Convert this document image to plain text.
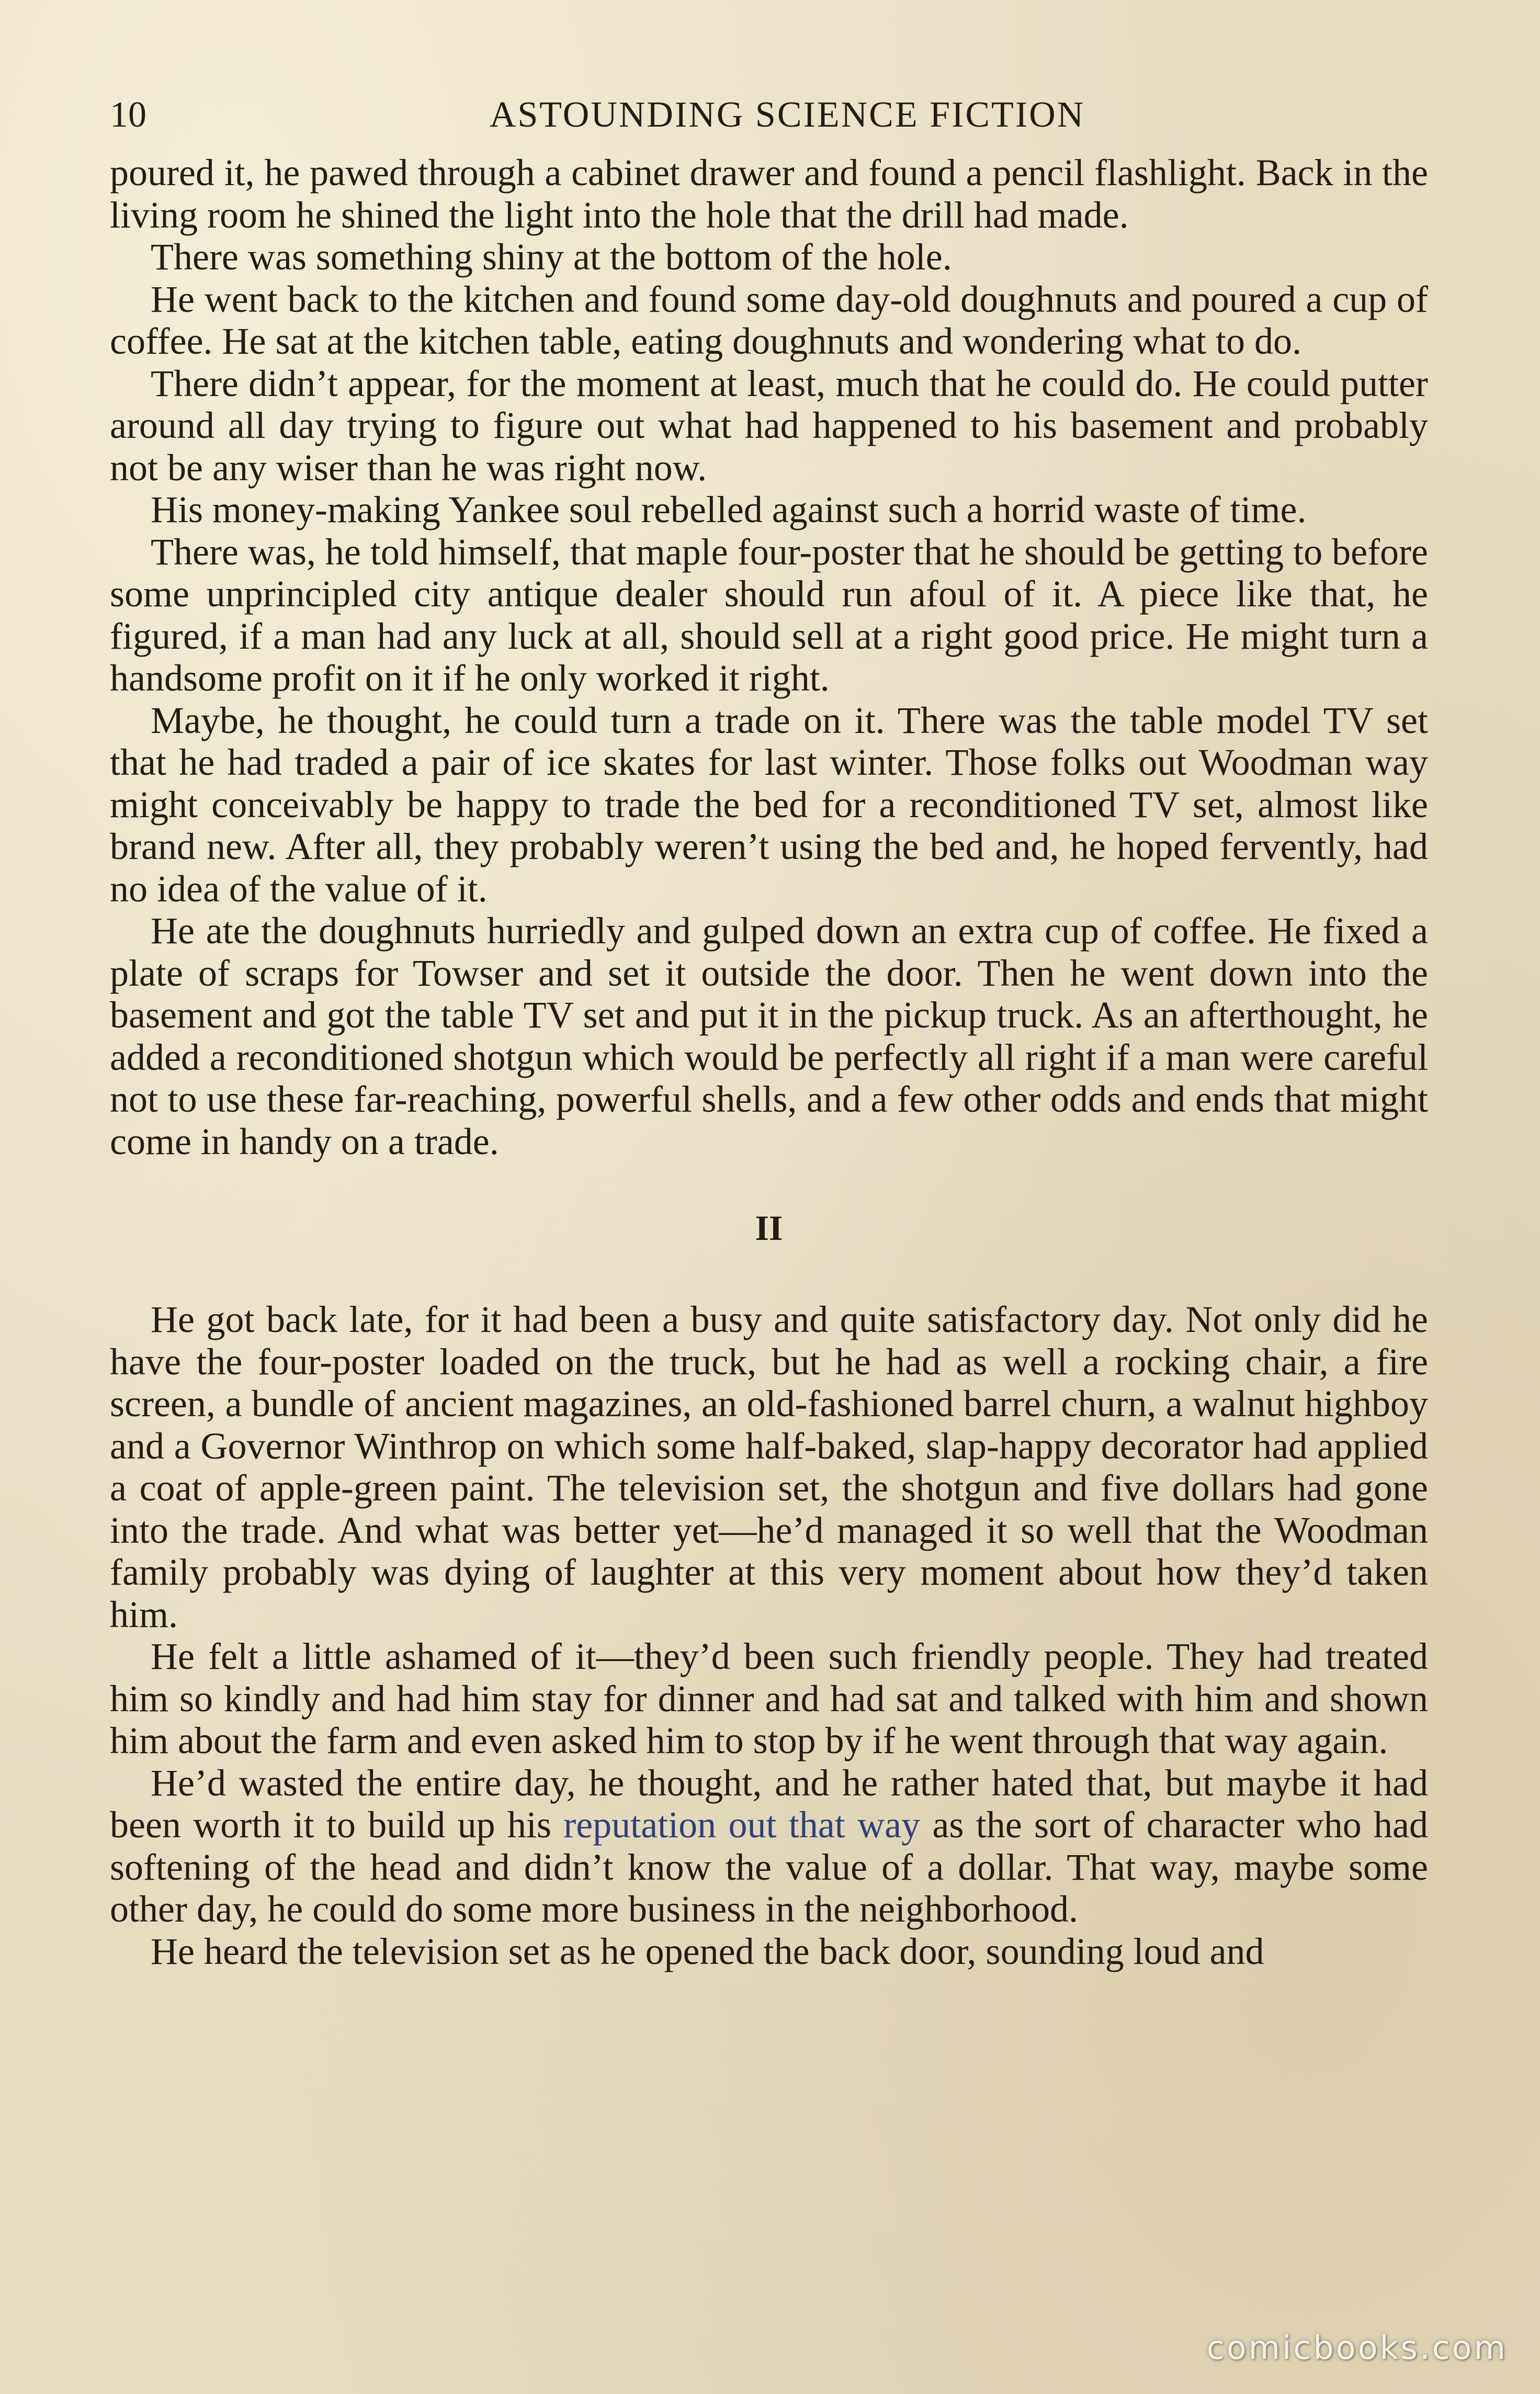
10	ASTOUNDING SCIENCE FICTION

poured it, he pawed through a cabinet drawer and found a pencil flashlight. Back in the living room he shined the light into the hole that the drill had made.

There was something shiny at the bottom of the hole.

He went back to the kitchen and found some day-old doughnuts and poured a cup of coffee. He sat at the kitchen table, eating doughnuts and wondering what to do.

There didn’t appear, for the moment at least, much that he could do. He could putter around all day trying to figure out what had happened to his basement and probably not be any wiser than he was right now.

His money-making Yankee soul rebelled against such a horrid waste of time.

There was, he told himself, that maple four-poster that he should be getting to before some unprincipled city antique dealer should run afoul of it. A piece like that, he figured, if a man had any luck at all, should sell at a right good price. He might turn a handsome profit on it if he only worked it right.

Maybe, he thought, he could turn a trade on it. There was the table model TV set that he had traded a pair of ice skates for last winter. Those folks out Woodman way might conceivably be happy to trade the bed for a reconditioned TV set, almost like brand new. After all, they probably weren’t using the bed and, he hoped fervently, had no idea of the value of it.

He ate the doughnuts hurriedly and gulped down an extra cup of coffee. He fixed a plate of scraps for Towser and set it outside the door. Then he went down into the basement and got the table TV set and put it in the pickup truck. As an afterthought, he added a reconditioned shotgun which would be perfectly all right if a man were careful not to use these far-reaching, powerful shells, and a few other odds and ends that might come in handy on a trade.

II

He got back late, for it had been a busy and quite satisfactory day. Not only did he have the four-poster loaded on the truck, but he had as well a rocking chair, a fire screen, a bundle of ancient magazines, an old-fashioned barrel churn, a walnut highboy and a Governor Winthrop on which some half-baked, slap-happy decorator had applied a coat of apple-green paint. The television set, the shotgun and five dollars had gone into the trade. And what was better yet—he’d managed it so well that the Woodman family probably was dying of laughter at this very moment about how they’d taken him.

He felt a little ashamed of it—they’d been such friendly people. They had treated him so kindly and had him stay for dinner and had sat and talked with him and shown him about the farm and even asked him to stop by if he went through that way again.

He’d wasted the entire day, he thought, and he rather hated that, but maybe it had been worth it to build up his reputation out that way as the sort of character who had softening of the head and didn’t know the value of a dollar. That way, maybe some other day, he could do some more business in the neighborhood.

He heard the television set as he opened the back door, sounding loud and

comicbooks.com
